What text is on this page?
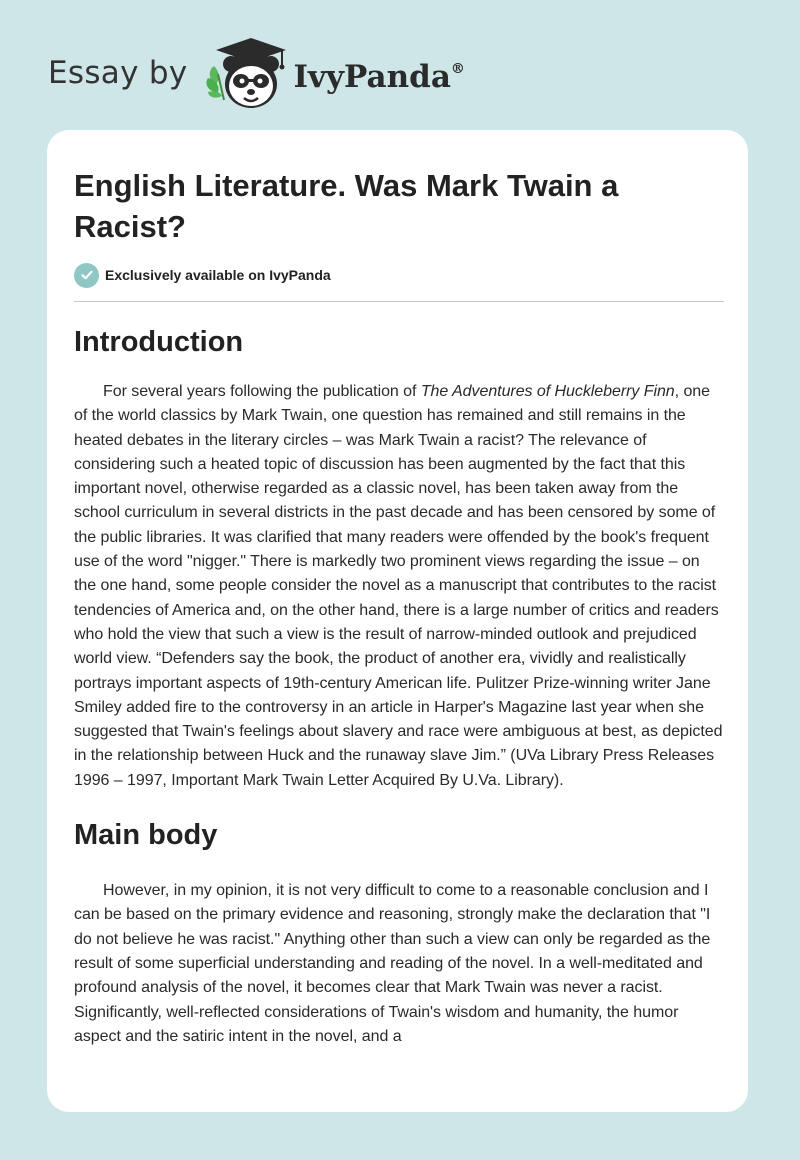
Essay by	IvyPanda®
English Literature. Was Mark Twain a Racist?
Exclusively available on IvyPanda
Introduction

For several years following the publication of The Adventures of Huckleberry Finn, one of the world classics by Mark Twain, one question has remained and still remains in the heated debates in the literary circles – was Mark Twain a racist? The relevance of considering such a heated topic of discussion has been augmented by the fact that this important novel, otherwise regarded as a classic novel, has been taken away from the school curriculum in several districts in the past decade and has been censored by some of the public libraries. It was clarified that many readers were offended by the book's frequent use of the word "nigger." There is markedly two prominent views regarding the issue – on the one hand, some people consider the novel as a manuscript that contributes to the racist tendencies of America and, on the other hand, there is a large number of critics and readers who hold the view that such a view is the result of narrow-minded outlook and prejudiced world view. “Defenders say the book, the product of another era, vividly and realistically portrays important aspects of 19th-century American life. Pulitzer Prize-winning writer Jane Smiley added fire to the controversy in an article in Harper's Magazine last year when she suggested that Twain's feelings about slavery and race were ambiguous at best, as depicted in the relationship between Huck and the runaway slave Jim.” (UVa Library Press Releases 1996 – 1997, Important Mark Twain Letter Acquired By U.Va. Library).

Main body

However, in my opinion, it is not very difficult to come to a reasonable conclusion and I can be based on the primary evidence and reasoning, strongly make the declaration that "I do not believe he was racist." Anything other than such a view can only be regarded as the result of some superficial understanding and reading of the novel. In a well-meditated and profound analysis of the novel, it becomes clear that Mark Twain was never a racist. Significantly, well-reflected considerations of Twain's wisdom and humanity, the humor aspect and the satiric intent in the novel, and a
